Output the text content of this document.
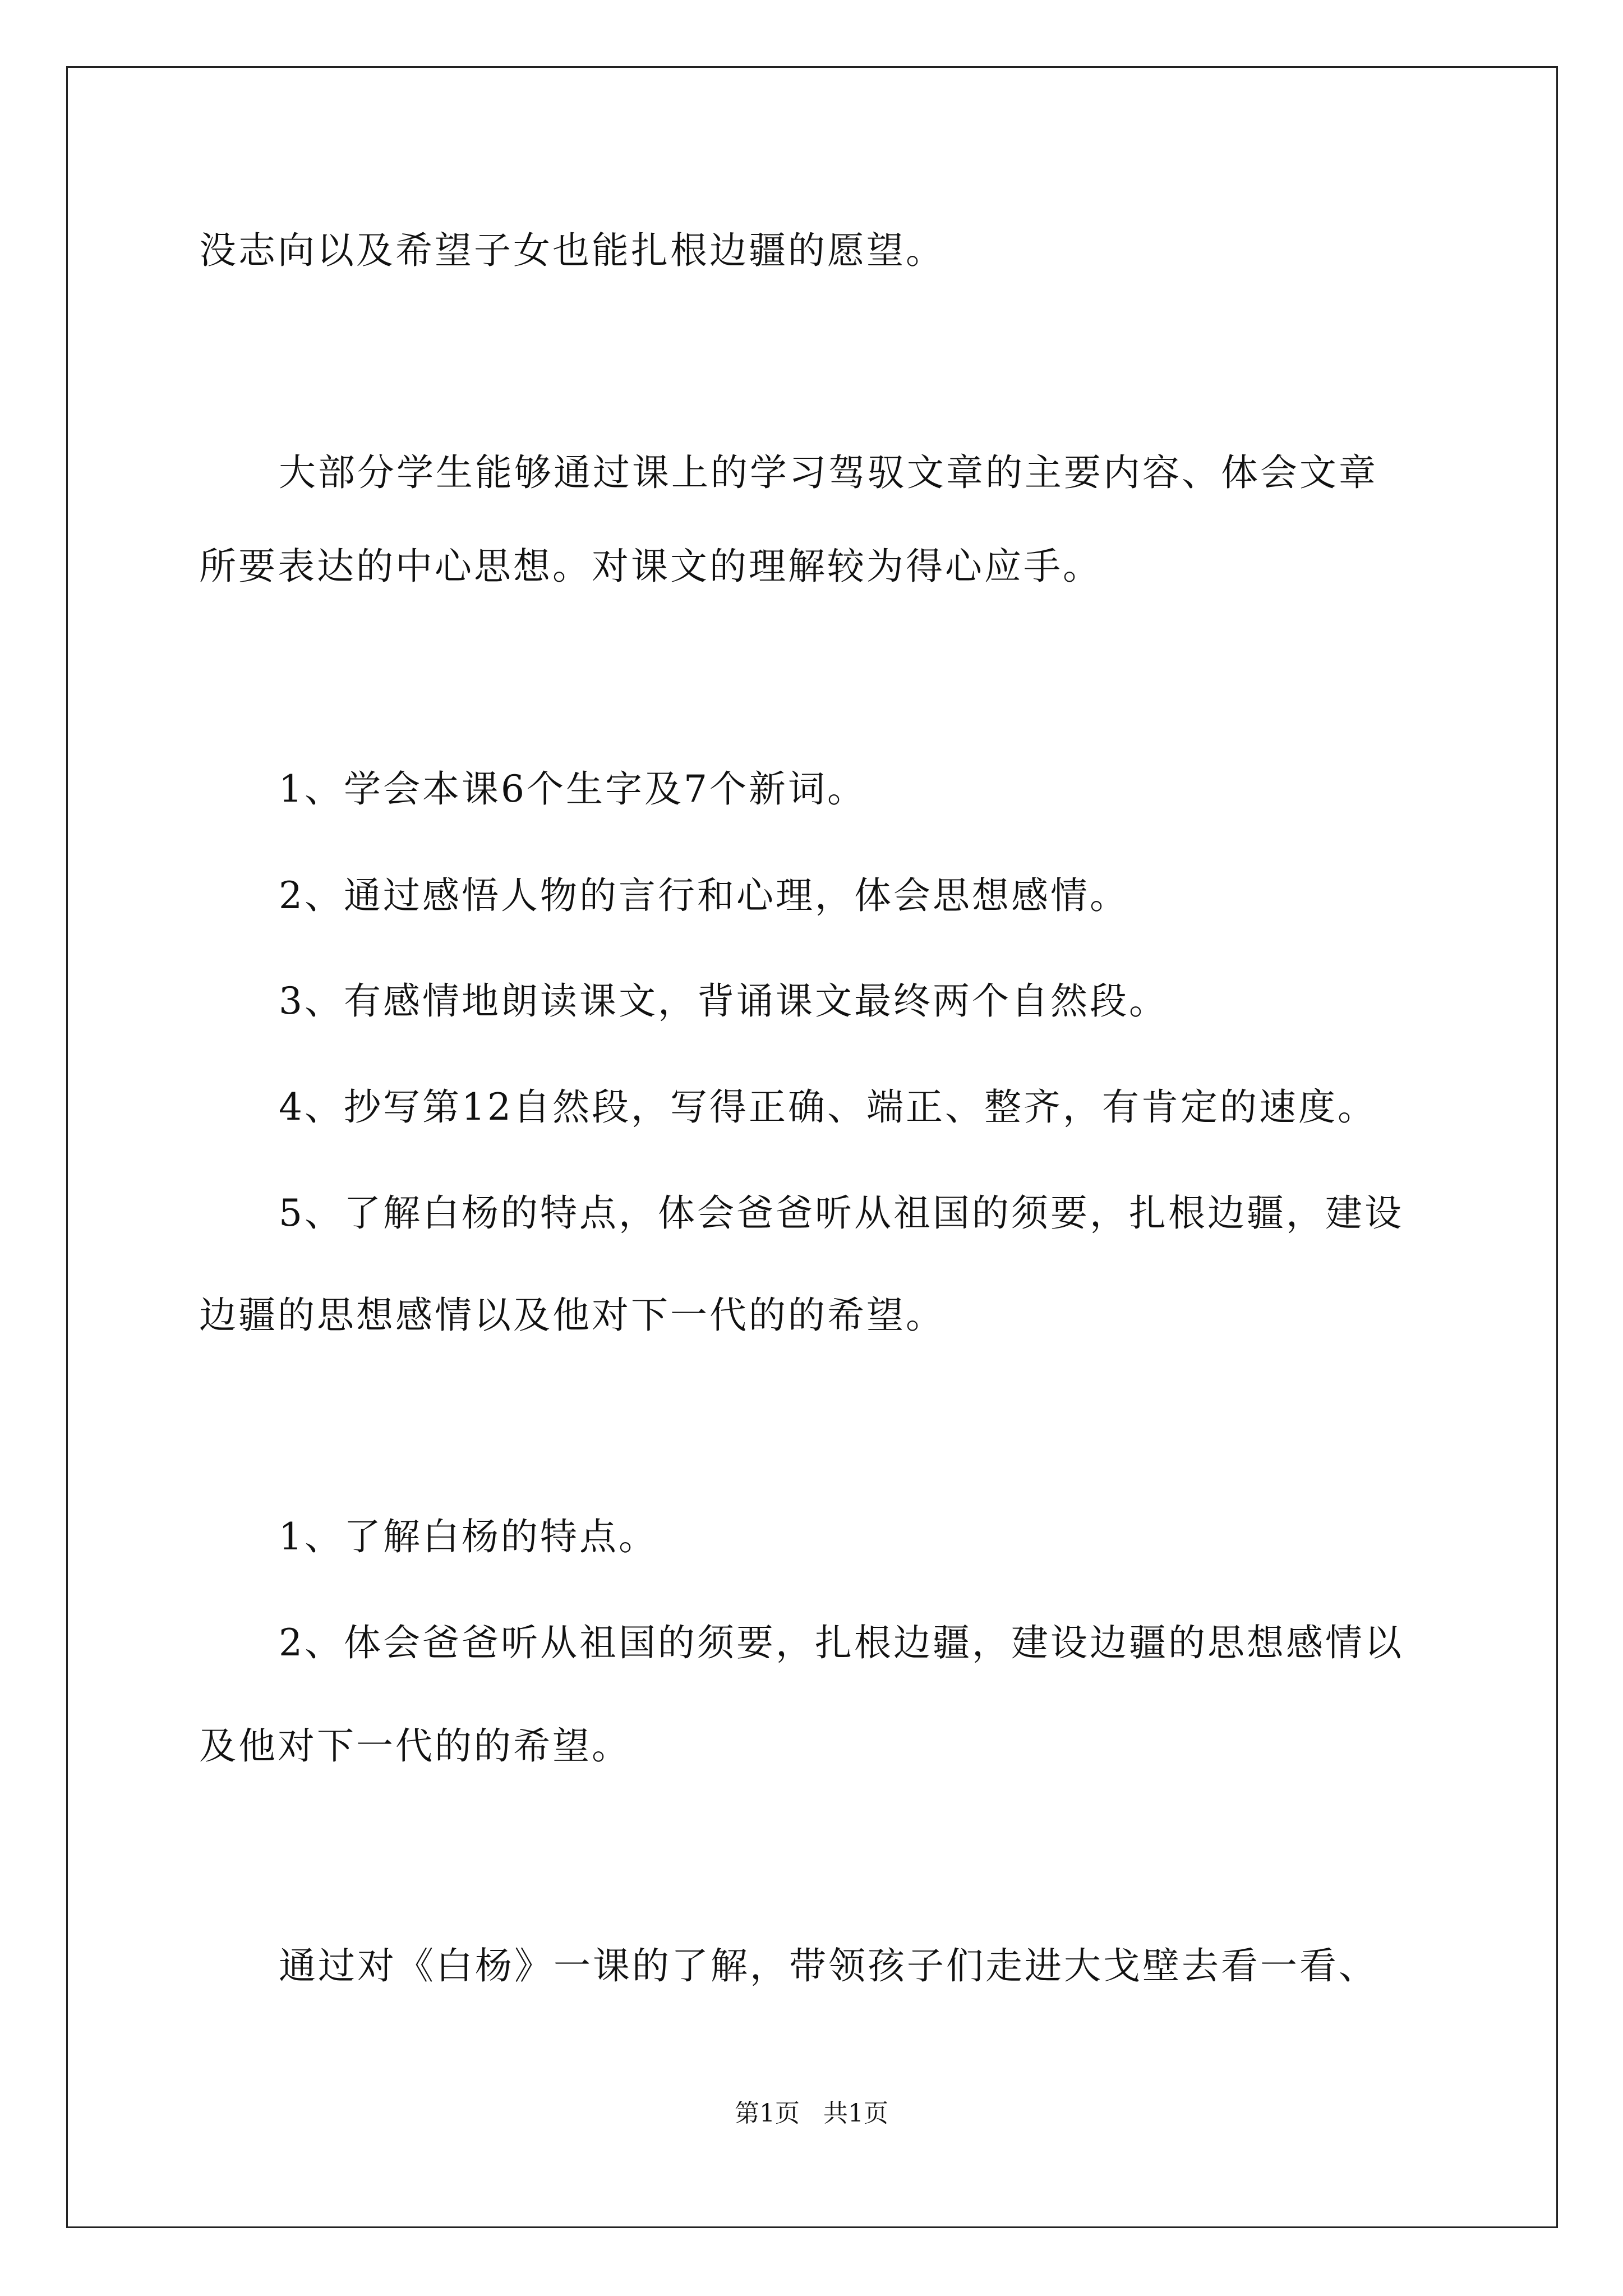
没志向以及希望子女也能扎根边疆的愿望。
大部分学生能够通过课上的学习驾驭文章的主要内容、体会文章
所要表达的中心思想。对课文的理解较为得心应手。
1、学会本课6个生字及7个新词。
2、通过感悟人物的言行和心理，体会思想感情。
3、有感情地朗读课文，背诵课文最终两个自然段。
4、抄写第12自然段，写得正确、端正、整齐，有肯定的速度。
5、了解白杨的特点，体会爸爸听从祖国的须要，扎根边疆，建设
边疆的思想感情以及他对下一代的的希望。
1、了解白杨的特点。
2、体会爸爸听从祖国的须要，扎根边疆，建设边疆的思想感情以
及他对下一代的的希望。
通过对《白杨》一课的了解，带领孩子们走进大戈壁去看一看、
第1页   共1页
